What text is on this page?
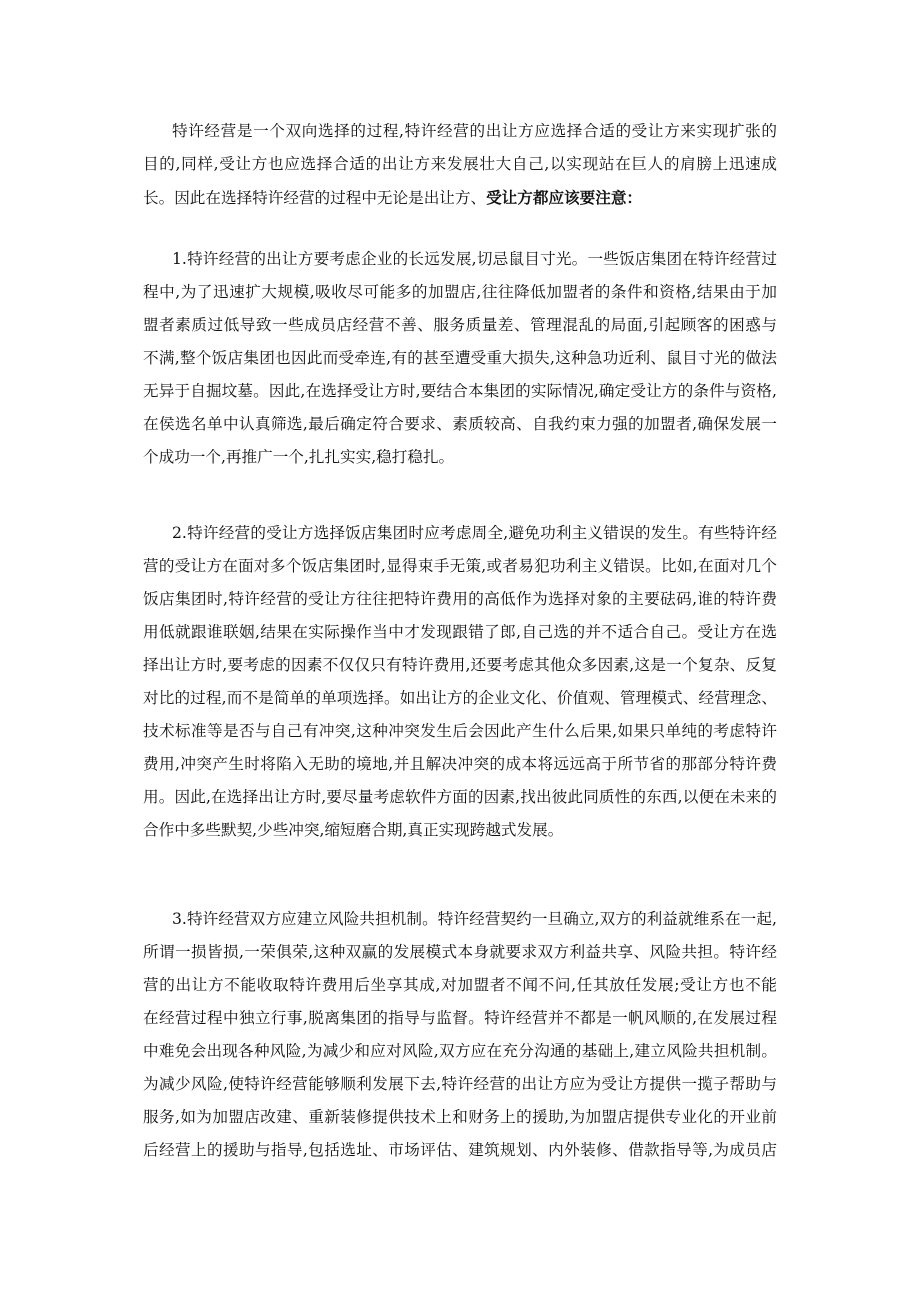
特许经营是一个双向选择的过程,特许经营的出让方应选择合适的受让方来实现扩张的
目的,同样,受让方也应选择合适的出让方来发展壮大自己,以实现站在巨人的肩膀上迅速成
长。因此在选择特许经营的过程中无论是出让方、受让方都应该要注意：
1.特许经营的出让方要考虑企业的长远发展,切忌鼠目寸光。一些饭店集团在特许经营过
程中,为了迅速扩大规模,吸收尽可能多的加盟店,往往降低加盟者的条件和资格,结果由于加
盟者素质过低导致一些成员店经营不善、服务质量差、管理混乱的局面,引起顾客的困惑与
不满,整个饭店集团也因此而受牵连,有的甚至遭受重大损失,这种急功近利、鼠目寸光的做法
无异于自掘坟墓。因此,在选择受让方时,要结合本集团的实际情况,确定受让方的条件与资格,
在侯选名单中认真筛选,最后确定符合要求、素质较高、自我约束力强的加盟者,确保发展一
个成功一个,再推广一个,扎扎实实,稳打稳扎。
2.特许经营的受让方选择饭店集团时应考虑周全,避免功利主义错误的发生。有些特许经
营的受让方在面对多个饭店集团时,显得束手无策,或者易犯功利主义错误。比如,在面对几个
饭店集团时,特许经营的受让方往往把特许费用的高低作为选择对象的主要砝码,谁的特许费
用低就跟谁联姻,结果在实际操作当中才发现跟错了郎,自己选的并不适合自己。受让方在选
择出让方时,要考虑的因素不仅仅只有特许费用,还要考虑其他众多因素,这是一个复杂、反复
对比的过程,而不是简单的单项选择。如出让方的企业文化、价值观、管理模式、经营理念、
技术标准等是否与自己有冲突,这种冲突发生后会因此产生什么后果,如果只单纯的考虑特许
费用,冲突产生时将陷入无助的境地,并且解决冲突的成本将远远高于所节省的那部分特许费
用。因此,在选择出让方时,要尽量考虑软件方面的因素,找出彼此同质性的东西,以便在未来的
合作中多些默契,少些冲突,缩短磨合期,真正实现跨越式发展。
3.特许经营双方应建立风险共担机制。特许经营契约一旦确立,双方的利益就维系在一起,
所谓一损皆损,一荣俱荣,这种双赢的发展模式本身就要求双方利益共享、风险共担。特许经
营的出让方不能收取特许费用后坐享其成,对加盟者不闻不问,任其放任发展;受让方也不能
在经营过程中独立行事,脱离集团的指导与监督。特许经营并不都是一帆风顺的,在发展过程
中难免会出现各种风险,为减少和应对风险,双方应在充分沟通的基础上,建立风险共担机制。
为减少风险,使特许经营能够顺利发展下去,特许经营的出让方应为受让方提供一揽子帮助与
服务,如为加盟店改建、重新装修提供技术上和财务上的援助,为加盟店提供专业化的开业前
后经营上的援助与指导,包括选址、市场评估、建筑规划、内外装修、借款指导等,为成员店
